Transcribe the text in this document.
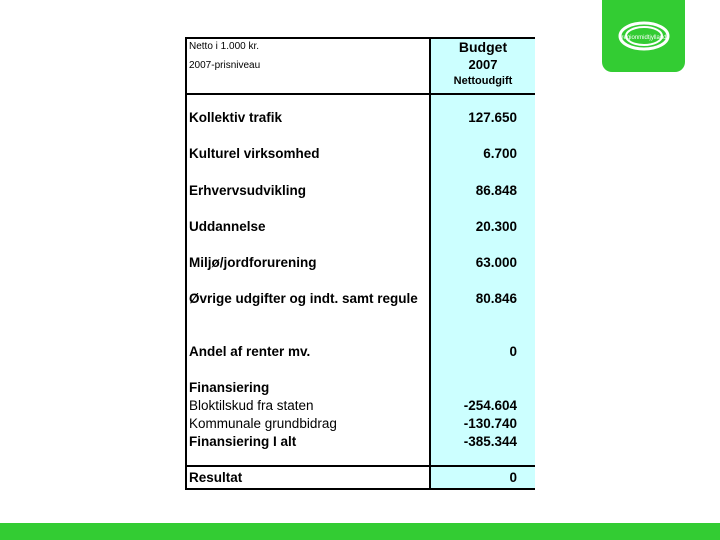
regionmidtjylland
Netto i 1.000 kr.
2007-prisniveau
Budget
2007
Nettoudgift
Kollektiv trafik	127.650
Kulturel virksomhed	6.700
Erhvervsudvikling	86.848
Uddannelse	20.300
Miljø/jordforurening	63.000
Øvrige udgifter og indt. samt regule	80.846
Andel af renter mv.	0
Finansiering
Bloktilskud fra staten	-254.604
Kommunale grundbidrag	-130.740
Finansiering I alt	-385.344
Resultat	0
